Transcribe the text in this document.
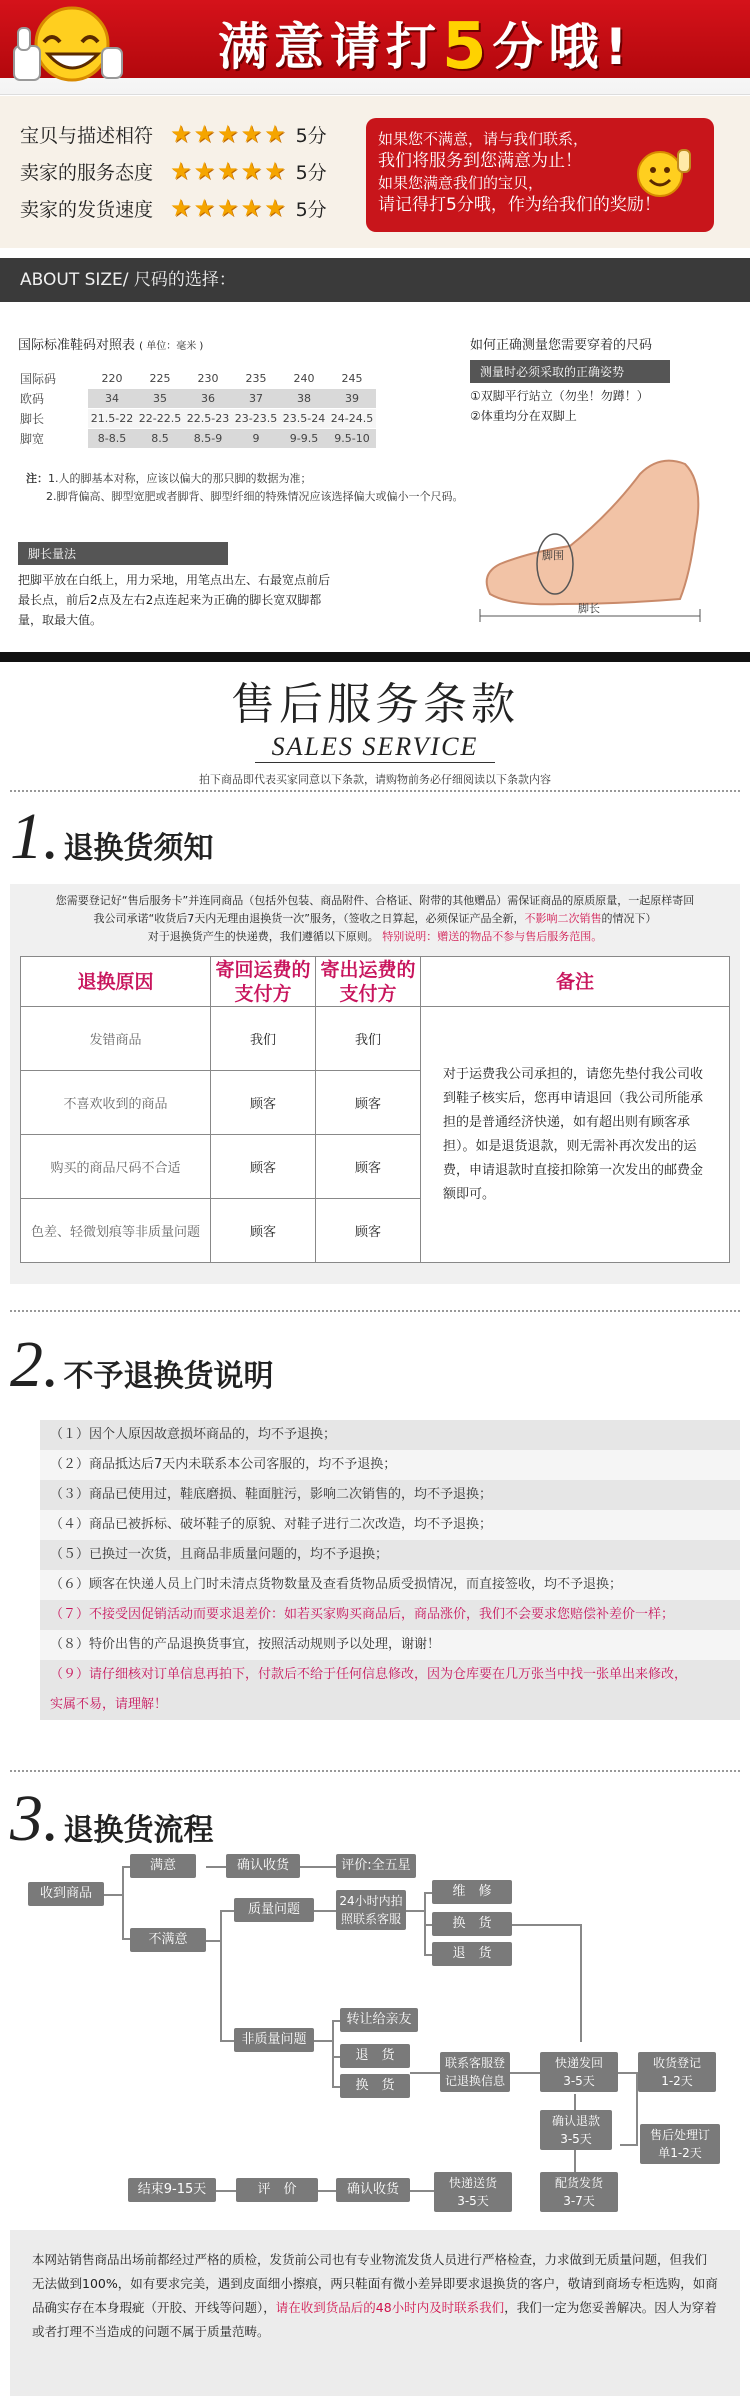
满意请打5分哦!
宝贝与描述相符 ★★★★★ 5分
卖家的服务态度 ★★★★★ 5分
卖家的发货速度 ★★★★★ 5分
如果您不满意，请与我们联系，
我们将服务到您满意为止！
如果您满意我们的宝贝，
请记得打5分哦，作为给我们的奖励！
ABOUT SIZE/ 尺码的选择：
国际标准鞋码对照表 ( 单位：毫米 )
国际码	220	225	230	235	240	245
欧码	34	35	36	37	38	39
脚长	21.5-22	22-22.5	22.5-23	23-23.5	23.5-24	24-24.5
脚宽	8-8.5	8.5	8.5-9	9	9-9.5	9.5-10

注：1.人的脚基本对称，应该以偏大的那只脚的数据为准；

2.脚背偏高、脚型宽肥或者脚背、脚型纤细的特殊情况应该选择偏大或偏小一个尺码。

脚长量法
把脚平放在白纸上，用力采地，用笔点出左、右最宽点前后最长点，前后2点及左右2点连起来为正确的脚长宽双脚都量，取最大值。
如何正确测量您需要穿着的尺码
测量时必须采取的正确姿势
①双脚平行站立（勿坐！勿蹲！）
②体重均分在双脚上
脚围
脚长
售后服务条款
SALES SERVICE
拍下商品即代表买家同意以下条款，请购物前务必仔细阅读以下条款内容
1 . 退换货须知
您需要登记好“售后服务卡”并连同商品（包括外包装、商品附件、合格证、附带的其他赠品）需保证商品的原质原量，一起原样寄回
我公司承诺“收货后7天内无理由退换货一次”服务，（签收之日算起，必须保证产品全新，不影响二次销售的情况下）
对于退换货产生的快递费，我们遵循以下原则。 特别说明：赠送的物品不参与售后服务范围。
退换原因	寄回运费的支付方	寄出运费的支付方	备注
发错商品	我们	我们	对于运费我公司承担的，请您先垫付我公司收到鞋子核实后，您再申请退回（我公司所能承担的是普通经济快递，如有超出则有顾客承担）。如是退货退款，则无需补再次发出的运费，申请退款时直接扣除第一次发出的邮费金额即可。
不喜欢收到的商品	顾客	顾客	
购买的商品尺码不合适	顾客	顾客	
色差、轻微划痕等非质量问题	顾客	顾客	
2 . 不予退换货说明
（１）因个人原因故意损坏商品的，均不予退换；
（２）商品抵达后7天内未联系本公司客服的，均不予退换；
（３）商品已使用过，鞋底磨损、鞋面脏污，影响二次销售的，均不予退换；
（４）商品已被拆标、破坏鞋子的原貌、对鞋子进行二次改造，均不予退换；
（５）已换过一次货，且商品非质量问题的，均不予退换；
（６）顾客在快递人员上门时未清点货物数量及查看货物品质受损情况，而直接签收，均不予退换；
（７）不接受因促销活动而要求退差价：如若买家购买商品后，商品涨价，我们不会要求您赔偿补差价一样；
（８）特价出售的产品退换货事宜，按照活动规则予以处理，谢谢！
（９）请仔细核对订单信息再拍下，付款后不给于任何信息修改，因为仓库要在几万张当中找一张单出来修改，
实属不易，请理解！
3 . 退换货流程
收到商品
满意	确认收货	评价:全五星
不满意
质量问题
24小时内拍
照联系客服
维　修
换　货
退　货
非质量问题
转让给亲友
退　货
换　货
联系客服登
记退换信息
快递发回
3-5天
收货登记
1-2天
确认退款
3-5天	售后处理订
单1-2天
配货发货
3-7天
快递送货
3-5天
确认收货
评　价
结束9-15天
本网站销售商品出场前都经过严格的质检，发货前公司也有专业物流发货人员进行严格检查，力求做到无质量问题，但我们无法做到100%，如有要求完美，遇到皮面细小擦痕，两只鞋面有微小差异即要求退换货的客户，敬请到商场专柜选购，如商品确实存在本身瑕疵（开胶、开线等问题），请在收到货品后的48小时内及时联系我们，我们一定为您妥善解决。因人为穿着或者打理不当造成的问题不属于质量范畴。
